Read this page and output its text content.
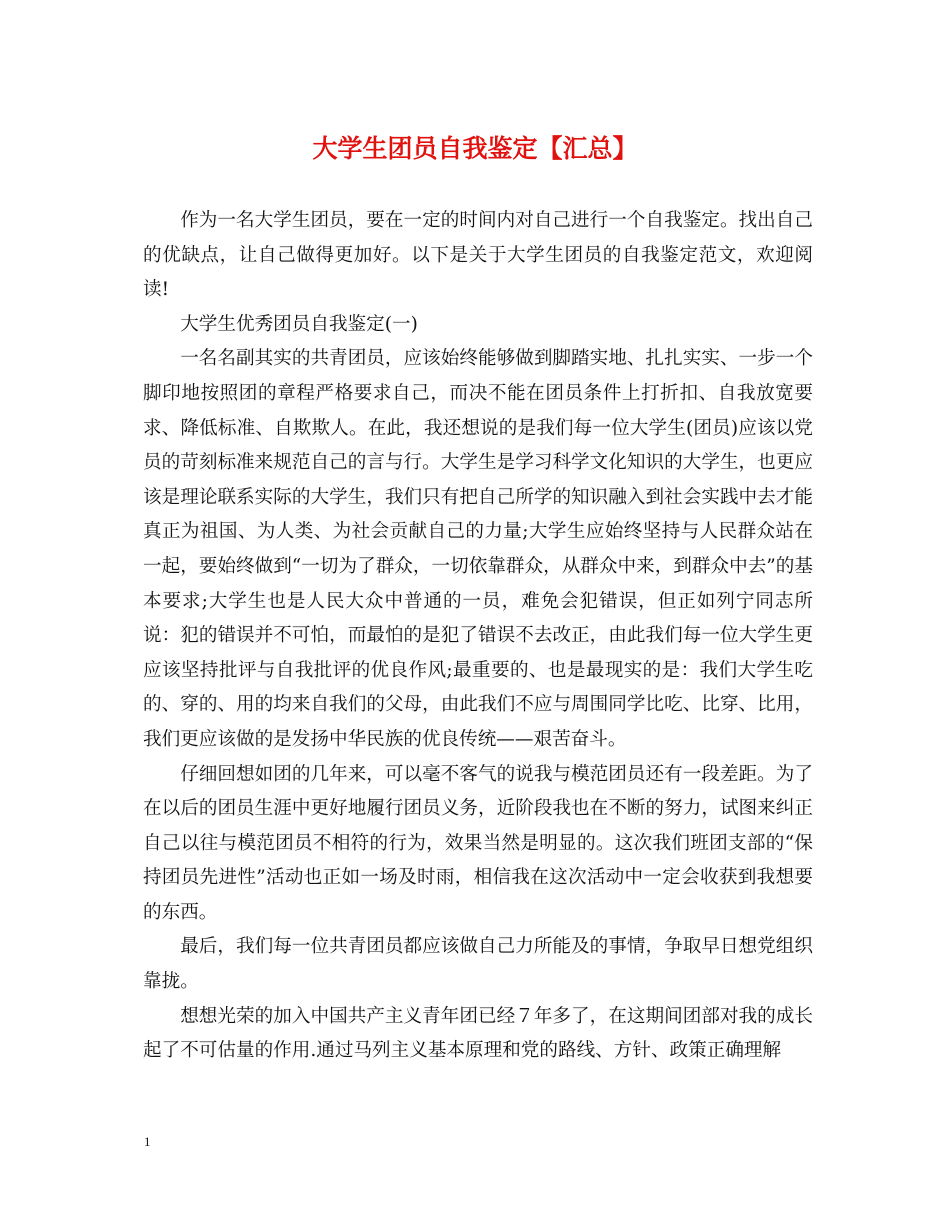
大学生团员自我鉴定【汇总】

作为一名大学生团员，要在一定的时间内对自己进行一个自我鉴定。找出自己的优缺点，让自己做得更加好。以下是关于大学生团员的自我鉴定范文，欢迎阅读!

大学生优秀团员自我鉴定(一)

一名名副其实的共青团员，应该始终能够做到脚踏实地、扎扎实实、一步一个脚印地按照团的章程严格要求自己，而决不能在团员条件上打折扣、自我放宽要求、降低标准、自欺欺人。在此，我还想说的是我们每一位大学生(团员)应该以党员的苛刻标准来规范自己的言与行。大学生是学习科学文化知识的大学生，也更应该是理论联系实际的大学生，我们只有把自己所学的知识融入到社会实践中去才能真正为祖国、为人类、为社会贡献自己的力量;大学生应始终坚持与人民群众站在一起，要始终做到“一切为了群众，一切依靠群众，从群众中来，到群众中去”的基本要求;大学生也是人民大众中普通的一员，难免会犯错误，但正如列宁同志所说：犯的错误并不可怕，而最怕的是犯了错误不去改正，由此我们每一位大学生更应该坚持批评与自我批评的优良作风;最重要的、也是最现实的是：我们大学生吃的、穿的、用的均来自我们的父母，由此我们不应与周围同学比吃、比穿、比用，我们更应该做的是发扬中华民族的优良传统——艰苦奋斗。

仔细回想如团的几年来，可以毫不客气的说我与模范团员还有一段差距。为了在以后的团员生涯中更好地履行团员义务，近阶段我也在不断的努力，试图来纠正自己以往与模范团员不相符的行为，效果当然是明显的。这次我们班团支部的“保持团员先进性”活动也正如一场及时雨，相信我在这次活动中一定会收获到我想要的东西。

最后，我们每一位共青团员都应该做自己力所能及的事情，争取早日想党组织靠拢。

想想光荣的加入中国共产主义青年团已经７年多了，在这期间团部对我的成长起了不可估量的作用.通过马列主义基本原理和党的路线、方针、政策正确理解

1
